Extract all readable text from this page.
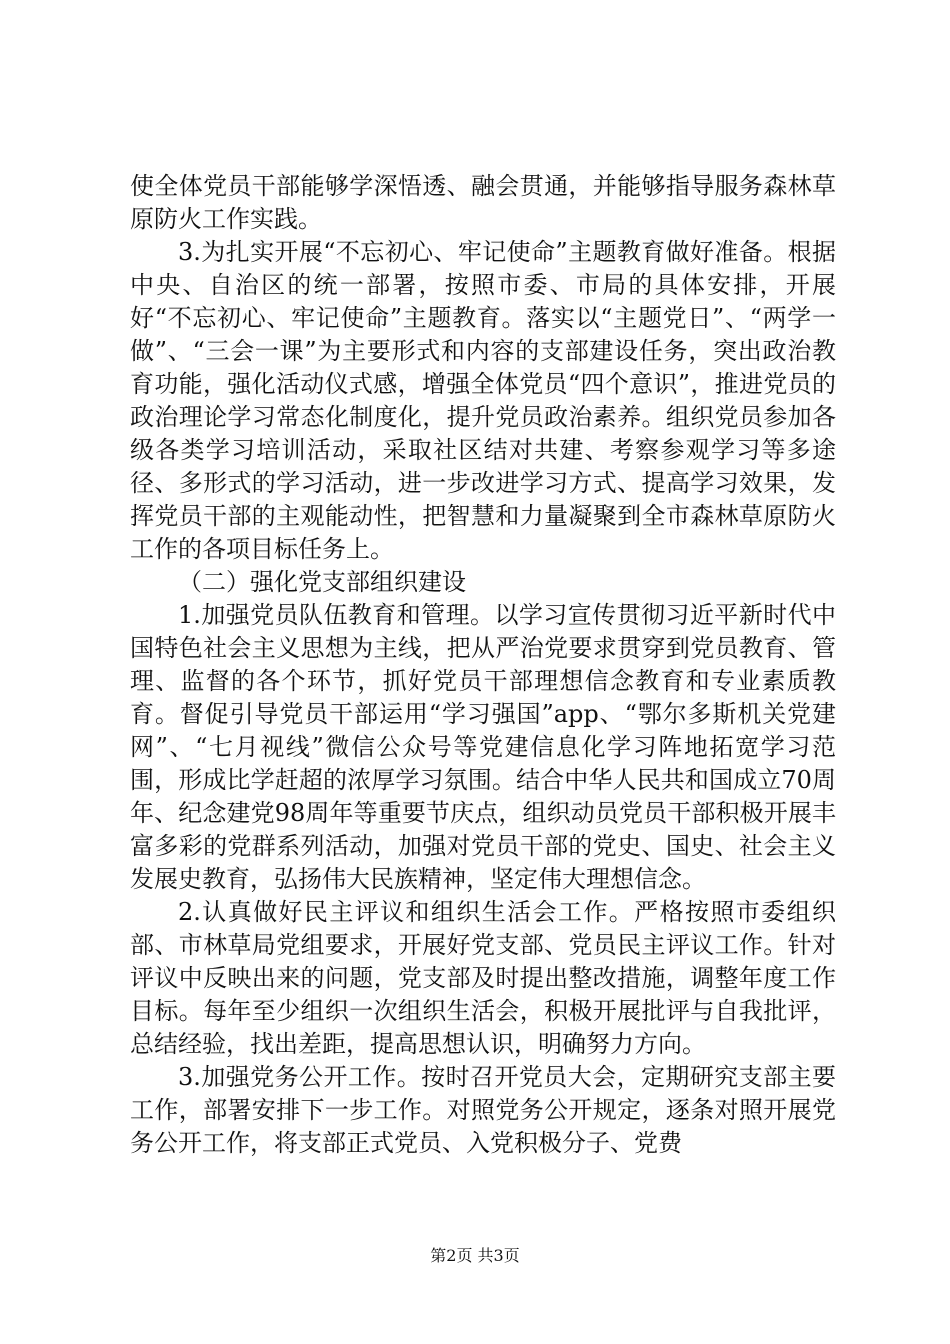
使全体党员干部能够学深悟透、融会贯通，并能够指导服务森林草原防火工作实践。

3.为扎实开展“不忘初心、牢记使命”主题教育做好准备。根据中央、自治区的统一部署，按照市委、市局的具体安排，开展好“不忘初心、牢记使命”主题教育。落实以“主题党日”、“两学一做”、“三会一课”为主要形式和内容的支部建设任务，突出政治教育功能，强化活动仪式感，增强全体党员“四个意识”，推进党员的政治理论学习常态化制度化，提升党员政治素养。组织党员参加各级各类学习培训活动，采取社区结对共建、考察参观学习等多途径、多形式的学习活动，进一步改进学习方式、提高学习效果，发挥党员干部的主观能动性，把智慧和力量凝聚到全市森林草原防火工作的各项目标任务上。

（二）强化党支部组织建设

1.加强党员队伍教育和管理。以学习宣传贯彻习近平新时代中国特色社会主义思想为主线，把从严治党要求贯穿到党员教育、管理、监督的各个环节，抓好党员干部理想信念教育和专业素质教育。督促引导党员干部运用“学习强国”app、“鄂尔多斯机关党建网”、“七月视线”微信公众号等党建信息化学习阵地拓宽学习范围，形成比学赶超的浓厚学习氛围。结合中华人民共和国成立70周年、纪念建党98周年等重要节庆点，组织动员党员干部积极开展丰富多彩的党群系列活动，加强对党员干部的党史、国史、社会主义发展史教育，弘扬伟大民族精神，坚定伟大理想信念。

2.认真做好民主评议和组织生活会工作。严格按照市委组织部、市林草局党组要求，开展好党支部、党员民主评议工作。针对评议中反映出来的问题，党支部及时提出整改措施，调整年度工作目标。每年至少组织一次组织生活会，积极开展批评与自我批评，总结经验，找出差距，提高思想认识，明确努力方向。

3.加强党务公开工作。按时召开党员大会，定期研究支部主要工作，部署安排下一步工作。对照党务公开规定，逐条对照开展党务公开工作，将支部正式党员、入党积极分子、党费

第2页 共3页
